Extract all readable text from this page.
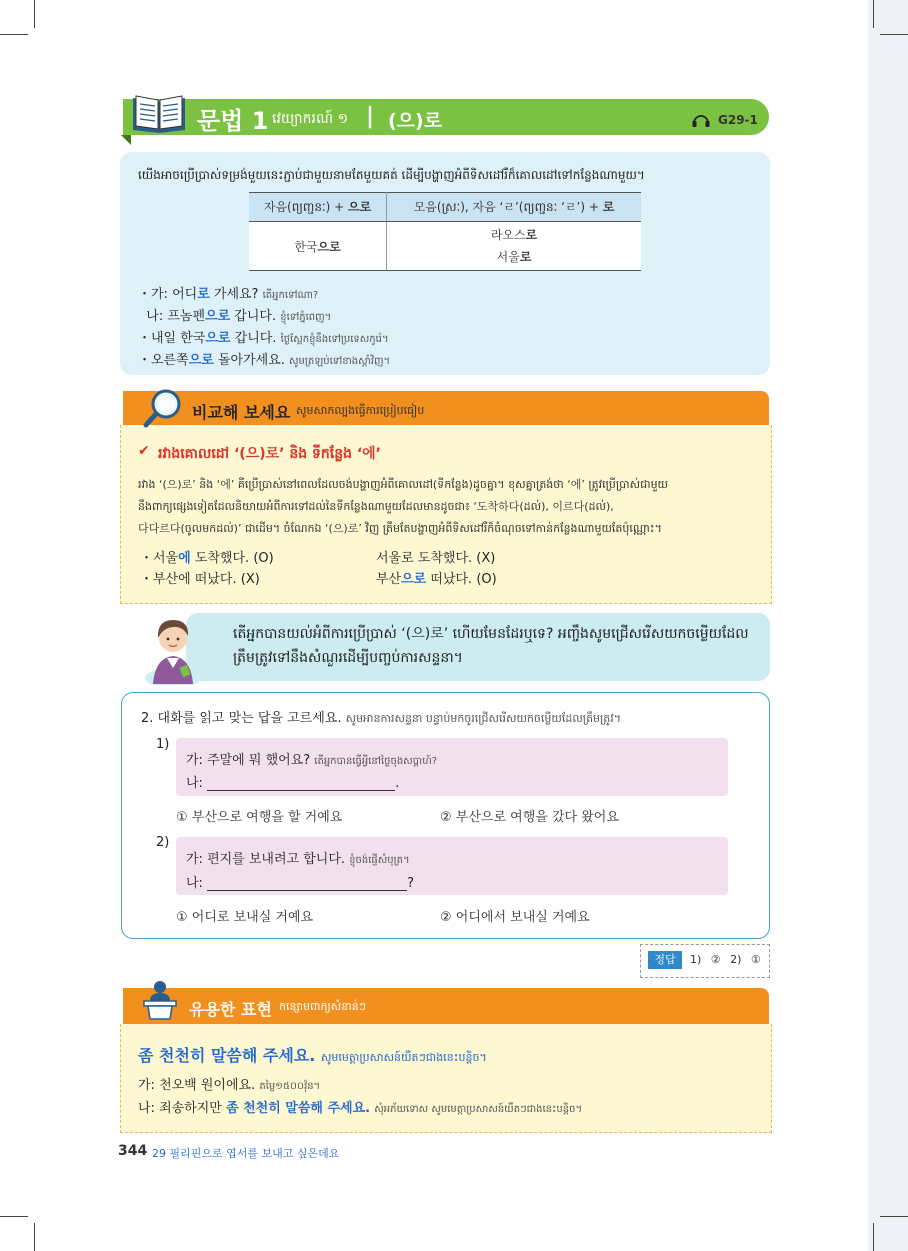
문법 1 វេយ្យាករណ៍ ១ | (으)로	G29-1
យើងអាចប្រើប្រាស់ទម្រង់មួយនេះភ្ជាប់ជាមួយនាមតែមួយគត់ ដើម្បីបង្ហាញអំពីទិសដៅរឺក៏គោលដៅទៅកន្លែងណាមួយ។
자음(ព្យញ្ជនៈ) + 으로	모음(ស្រៈ), 자음 ‘ㄹ’(ព្យញ្ជនៈ ‘ㄹ’) + 로
한국으로	라오스로
서울로
・가: 어디로 가세요? តើអ្នកទៅណា?
나: 프놈펜으로 갑니다. ខ្ញុំទៅភ្នំពេញ។
・내일 한국으로 갑니다. ថ្ងៃស្អែកខ្ញុំនឹងទៅប្រទេសកូរ៉េ។
・오른쪽으로 돌아가세요. សូមត្រឡប់ទៅខាងស្តាំវិញ។
비교해 보세요 សូមសាកល្បងធ្វើការប្រៀបធៀប
✔ រវាងគោលដៅ ‘(으)로’ និង ទីកន្លែង ‘에’
រវាង ‘(으)로’ និង ‘에’ គឺប្រើប្រាស់នៅពេលដែលចង់បង្ហាញអំពីគោលដៅ(ទីកន្លែង)ដូចគ្នា។ ខុសគ្នាត្រង់ថា ‘에’ ត្រូវប្រើប្រាស់ជាមួយ
នឹងពាក្យផ្សេងទៀតដែលនិយាយអំពីការទៅដល់នៃទីកន្លែងណាមួយដែលមានដូចជា៖ ‘도착하다(ដល់), 이르다(ដល់),
다다르다(ចូលមកដល់)’ ជាដើម។ ចំណែកឯ ‘(으)로’ វិញ ត្រឹមតែបង្ហាញអំពីទិសដៅរឺក៏ចំណុចទៅកាន់កន្លែងណាមួយតែប៉ុណ្ណោះ។
・서울에 도착했다. (O)
・부산에 떠났다. (X)
서울로 도착했다. (X)
부산으로 떠났다. (O)
តើអ្នកបានយល់អំពីការប្រើប្រាស់ ‘(으)로’ ហើយមែនដែរឬទេ? អញ្ចឹងសូមជ្រើសរើសយកចម្លើយដែល
ត្រឹមត្រូវទៅនឹងសំណួរដើម្បីបញ្ចប់ការសន្ទនា។
2. 대화를 읽고 맞는 답을 고르세요. សូមអានការសន្ទនា បន្ទាប់មកចូរជ្រើសរើសយកចម្លើយដែលត្រឹមត្រូវ។
1)
가: 주말에 뭐 했어요? តើអ្នកបានធ្វើអ្វីនៅថ្ងៃចុងសប្តាហ៍?
나:	.
① 부산으로 여행을 할 거예요	② 부산으로 여행을 갔다 왔어요
2)
가: 편지를 보내려고 합니다. ខ្ញុំចង់ផ្ញើសំបុត្រ។
나:	?
① 어디로 보내실 거예요	② 어디에서 보내실 거예요
정답	1) ② 2) ①
유용한 표현 កន្សោមពាក្យសំខាន់ៗ
좀 천천히 말씀해 주세요. សូមមេត្តាប្រសាសន៍យឺតៗជាងនេះបន្តិច។
가: 천오백 원이에요. តម្លៃ១៥០០វ៉ុន។
나: 죄송하지만 좀 천천히 말씀해 주세요. សុំអភ័យទោស សូមមេត្តាប្រសាសន៍យឺតៗជាងនេះបន្តិច។
344 29 필리핀으로 엽서를 보내고 싶은데요
